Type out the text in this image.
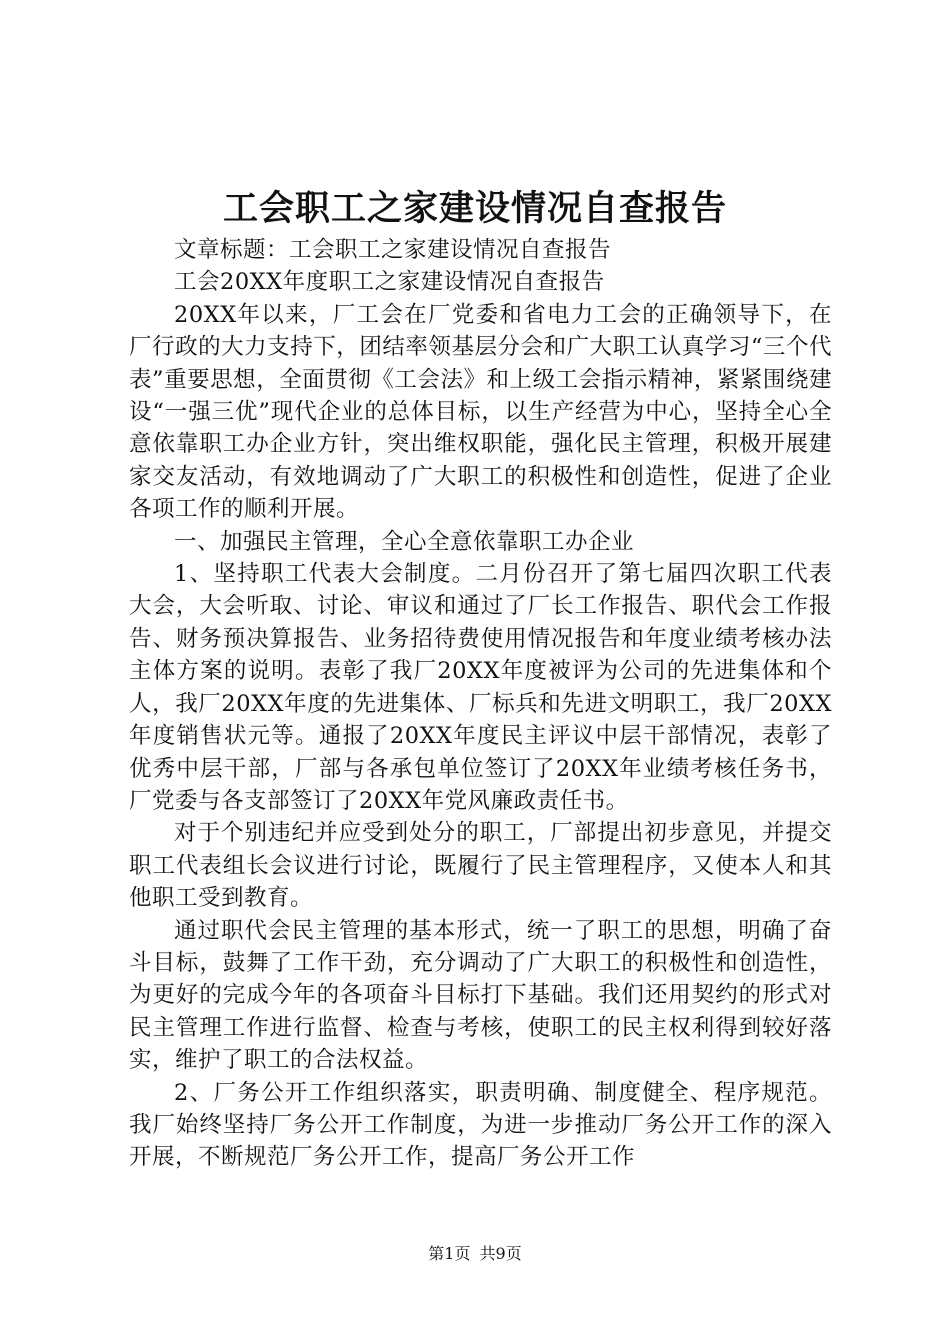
工会职工之家建设情况自查报告

文章标题：工会职工之家建设情况自查报告

工会20XX年度职工之家建设情况自查报告

20XX年以来，厂工会在厂党委和省电力工会的正确领导下，在厂行政的大力支持下，团结率领基层分会和广大职工认真学习“三个代表”重要思想，全面贯彻《工会法》和上级工会指示精神，紧紧围绕建设“一强三优”现代企业的总体目标，以生产经营为中心，坚持全心全意依靠职工办企业方针，突出维权职能，强化民主管理，积极开展建家交友活动，有效地调动了广大职工的积极性和创造性，促进了企业各项工作的顺利开展。

一、加强民主管理，全心全意依靠职工办企业

1、坚持职工代表大会制度。二月份召开了第七届四次职工代表大会，大会听取、讨论、审议和通过了厂长工作报告、职代会工作报告、财务预决算报告、业务招待费使用情况报告和年度业绩考核办法主体方案的说明。表彰了我厂20XX年度被评为公司的先进集体和个人，我厂20XX年度的先进集体、厂标兵和先进文明职工，我厂20XX年度销售状元等。通报了20XX年度民主评议中层干部情况，表彰了优秀中层干部，厂部与各承包单位签订了20XX年业绩考核任务书，厂党委与各支部签订了20XX年党风廉政责任书。

对于个别违纪并应受到处分的职工，厂部提出初步意见，并提交职工代表组长会议进行讨论，既履行了民主管理程序，又使本人和其他职工受到教育。

通过职代会民主管理的基本形式，统一了职工的思想，明确了奋斗目标，鼓舞了工作干劲，充分调动了广大职工的积极性和创造性，为更好的完成今年的各项奋斗目标打下基础。我们还用契约的形式对民主管理工作进行监督、检查与考核，使职工的民主权利得到较好落实，维护了职工的合法权益。

2、厂务公开工作组织落实，职责明确、制度健全、程序规范。我厂始终坚持厂务公开工作制度，为进一步推动厂务公开工作的深入开展，不断规范厂务公开工作，提高厂务公开工作

第1页 共9页
